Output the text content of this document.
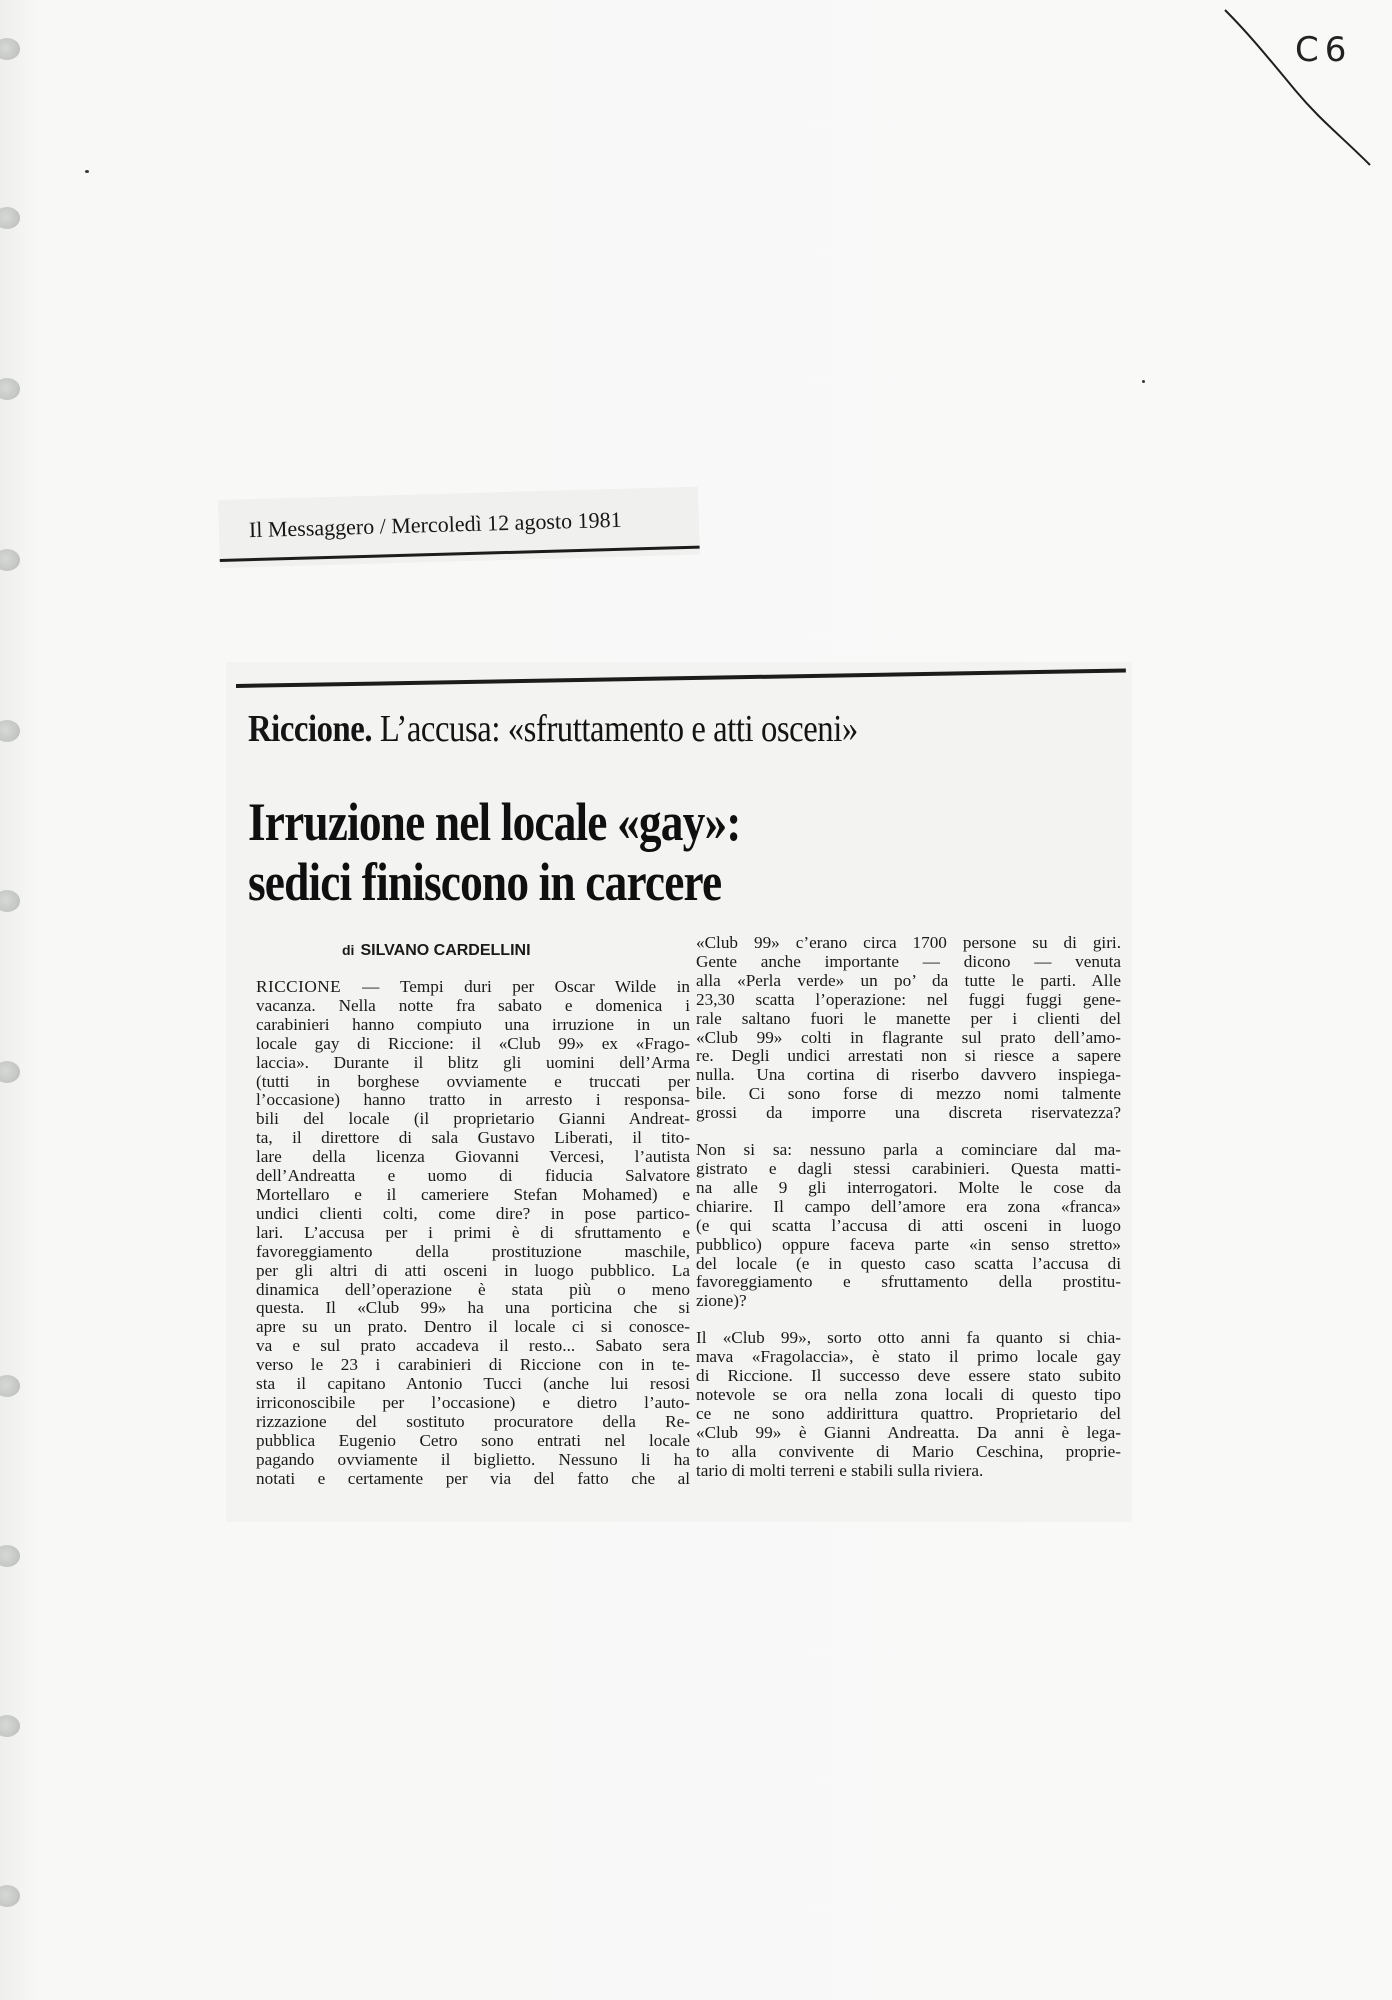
C6
Il Messaggero / Mercoledì 12 agosto 1981
Riccione. L’accusa: «sfruttamento e atti osceni»
Irruzione nel locale «gay»:
sedici finiscono in carcere
di SILVANO CARDELLINI
RICCIONE — Tempi duri per Oscar Wilde in
vacanza. Nella notte fra sabato e domenica i
carabinieri hanno compiuto una irruzione in un
locale gay di Riccione: il «Club 99» ex «Frago-
laccia». Durante il blitz gli uomini dell’Arma
(tutti in borghese ovviamente e truccati per
l’occasione) hanno tratto in arresto i responsa-
bili del locale (il proprietario Gianni Andreat-
ta, il direttore di sala Gustavo Liberati, il tito-
lare della licenza Giovanni Vercesi, l’autista
dell’Andreatta e uomo di fiducia Salvatore
Mortellaro e il cameriere Stefan Mohamed) e
undici clienti colti, come dire? in pose partico-
lari. L’accusa per i primi è di sfruttamento e
favoreggiamento della prostituzione maschile,
per gli altri di atti osceni in luogo pubblico. La
dinamica dell’operazione è stata più o meno
questa. Il «Club 99» ha una porticina che si
apre su un prato. Dentro il locale ci si conosce-
va e sul prato accadeva il resto... Sabato sera
verso le 23 i carabinieri di Riccione con in te-
sta il capitano Antonio Tucci (anche lui resosi
irriconoscibile per l’occasione) e dietro l’auto-
rizzazione del sostituto procuratore della Re-
pubblica Eugenio Cetro sono entrati nel locale
pagando ovviamente il biglietto. Nessuno li ha
notati e certamente per via del fatto che al
«Club 99» c’erano circa 1700 persone su di giri.
Gente anche importante — dicono — venuta
alla «Perla verde» un po’ da tutte le parti. Alle
23,30 scatta l’operazione: nel fuggi fuggi gene-
rale saltano fuori le manette per i clienti del
«Club 99» colti in flagrante sul prato dell’amo-
re. Degli undici arrestati non si riesce a sapere
nulla. Una cortina di riserbo davvero inspiega-
bile. Ci sono forse di mezzo nomi talmente
grossi da imporre una discreta riservatezza?
Non si sa: nessuno parla a cominciare dal ma-
gistrato e dagli stessi carabinieri. Questa matti-
na alle 9 gli interrogatori. Molte le cose da
chiarire. Il campo dell’amore era zona «franca»
(e qui scatta l’accusa di atti osceni in luogo
pubblico) oppure faceva parte «in senso stretto»
del locale (e in questo caso scatta l’accusa di
favoreggiamento e sfruttamento della prostitu-
zione)?
Il «Club 99», sorto otto anni fa quanto si chia-
mava «Fragolaccia», è stato il primo locale gay
di Riccione. Il successo deve essere stato subito
notevole se ora nella zona locali di questo tipo
ce ne sono addirittura quattro. Proprietario del
«Club 99» è Gianni Andreatta. Da anni è lega-
to alla convivente di Mario Ceschina, proprie-
tario di molti terreni e stabili sulla riviera.
